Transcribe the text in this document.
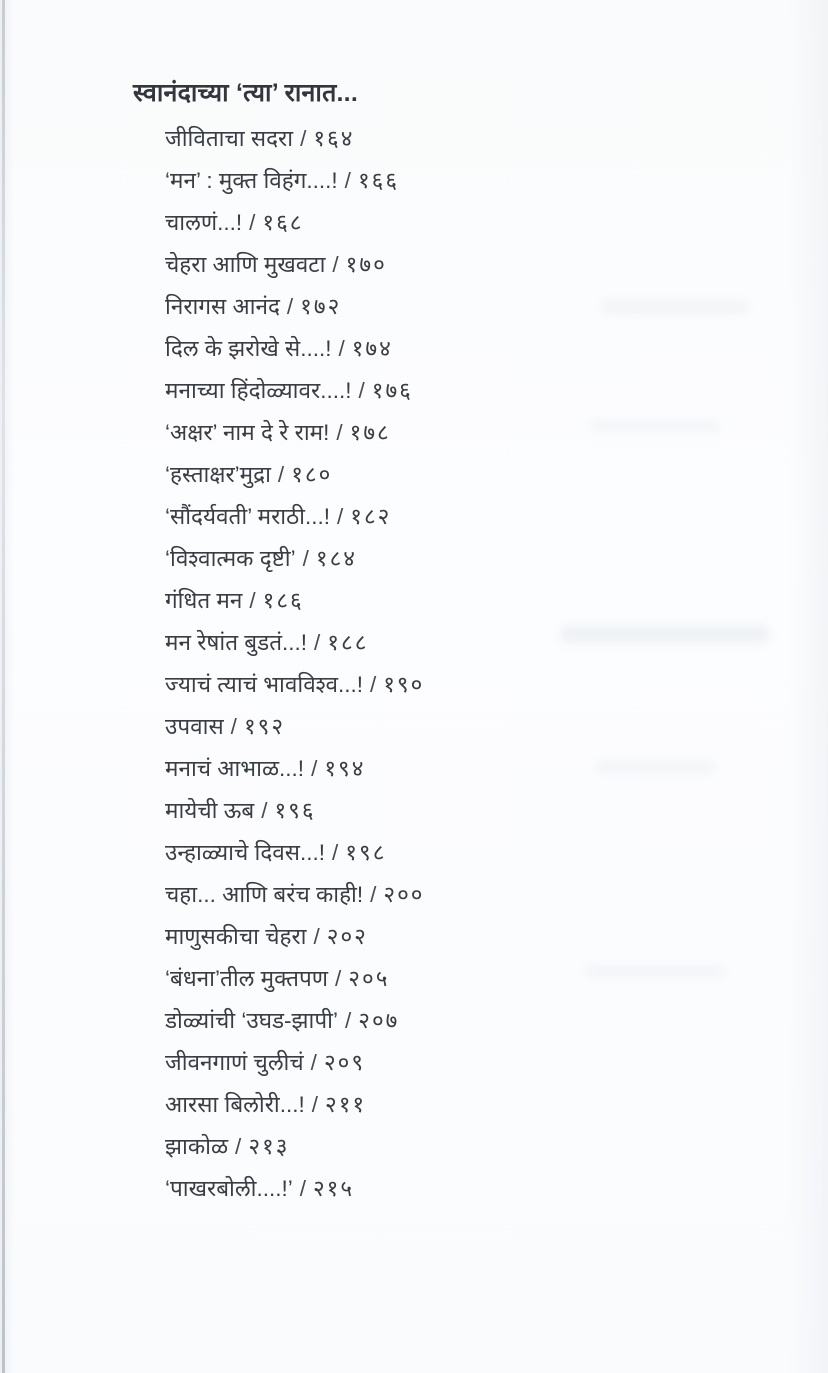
स्वानंदाच्या ‘त्या’ रानात...
जीविताचा सदरा / १६४
‘मन’ : मुक्त विहंग....! / १६६
चालणं...! / १६८
चेहरा आणि मुखवटा / १७०
निरागस आनंद / १७२
दिल के झरोखे से....! / १७४
मनाच्या हिंदोळ्यावर....! / १७६
‘अक्षर’ नाम दे रे राम! / १७८
‘हस्ताक्षर’मुद्रा / १८०
‘सौंदर्यवती’ मराठी...! / १८२
‘विश्वात्मक दृष्टी’ / १८४
गंधित मन / १८६
मन रेषांत बुडतं...! / १८८
ज्याचं त्याचं भावविश्व...! / १९०
उपवास / १९२
मनाचं आभाळ...! / १९४
मायेची ऊब / १९६
उन्हाळ्याचे दिवस...! / १९८
चहा... आणि बरंच काही! / २००
माणुसकीचा चेहरा / २०२
‘बंधना’तील मुक्तपण / २०५
डोळ्यांची ‘उघड-झापी’ / २०७
जीवनगाणं चुलीचं / २०९
आरसा बिलोरी...! / २११
झाकोळ / २१३
‘पाखरबोली....!’ / २१५
